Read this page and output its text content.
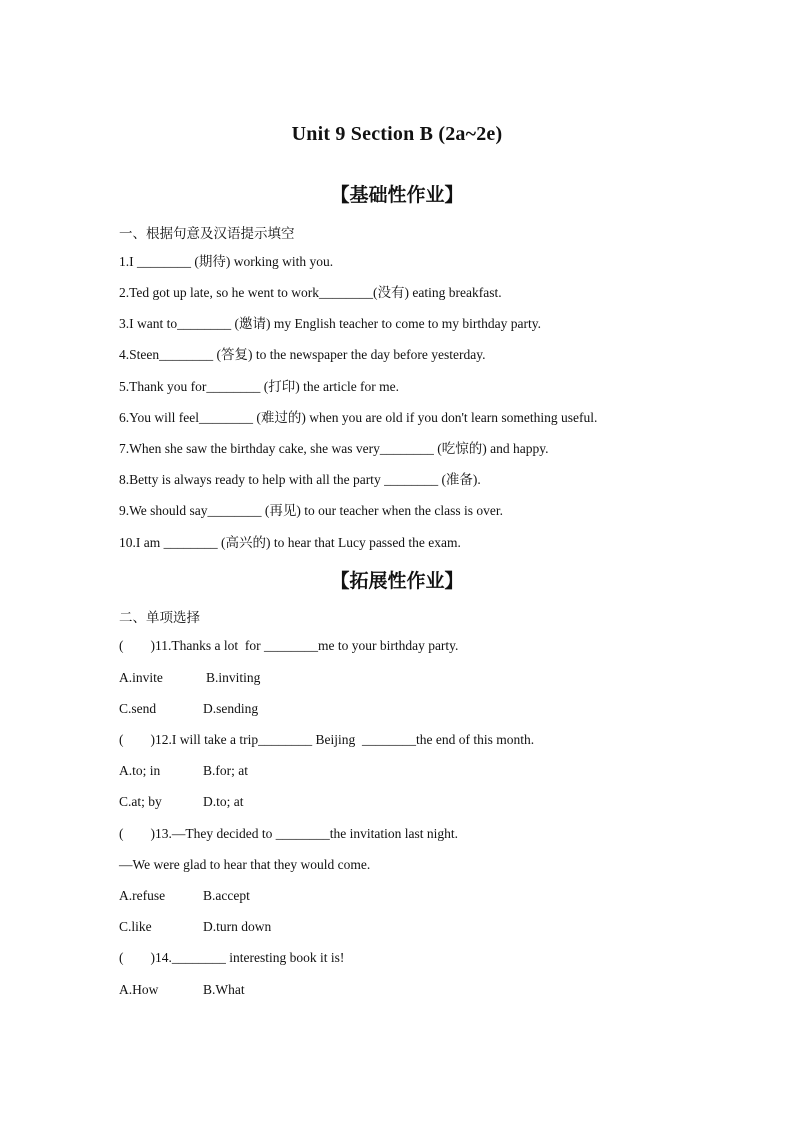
Unit 9 Section B (2a~2e)
【基础性作业】
一、根据句意及汉语提示填空
1.I ________ (期待) working with you.
2.Ted got up late, so he went to work________(没有) eating breakfast.
3.I want to________ (邀请) my English teacher to come to my birthday party.
4.Steen________ (答复) to the newspaper the day before yesterday.
5.Thank you for________ (打印) the article for me.
6.You will feel________ (难过的) when you are old if you don't learn something useful.
7.When she saw the birthday cake, she was very________ (吃惊的) and happy.
8.Betty is always ready to help with all the party ________ (准备).
9.We should say________ (再见) to our teacher when the class is over.
10.I am ________ (高兴的) to hear that Lucy passed the exam.
【拓展性作业】
二、单项选择
(        )11.Thanks a lot  for ________me to your birthday party.
A.invite	B.inviting
C.send	D.sending
(        )12.I will take a trip________ Beijing  ________the end of this month.
A.to; in	B.for; at
C.at; by	D.to; at
(        )13.—They decided to ________the invitation last night.
—We were glad to hear that they would come.
A.refuse	B.accept
C.like	D.turn down
(        )14.________ interesting book it is!
A.How	B.What
